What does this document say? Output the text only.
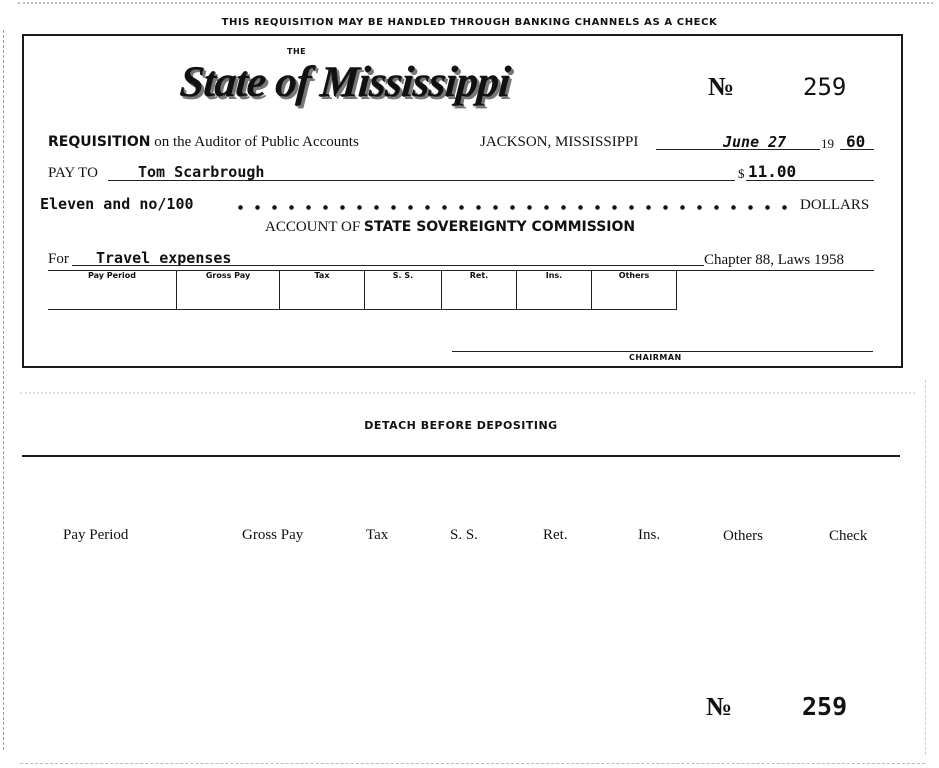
THIS REQUISITION MAY BE HANDLED THROUGH BANKING CHANNELS AS A CHECK
THE
State of Mississippi	№	259
REQUISITION on the Auditor of Public Accounts	JACKSON, MISSISSIPPI	June 27	19 60
PAY TO	Tom Scarbrough	$ 11.00
Eleven and no/100	DOLLARS
ACCOUNT OF STATE SOVEREIGNTY COMMISSION
For Travel expenses	Chapter 88, Laws 1958
Pay Period	Gross Pay	Tax	S. S.	Ret.	Ins.	Others
CHAIRMAN
DETACH BEFORE DEPOSITING
Pay Period	Gross Pay	Tax	S. S.	Ret.	Ins.	Others	Check
№	259
